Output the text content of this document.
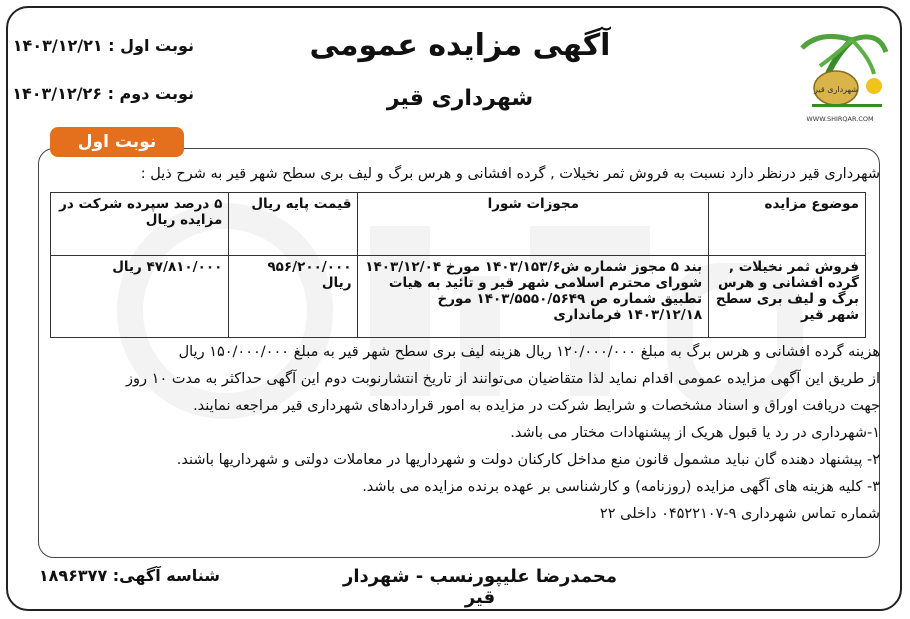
آگهی مزایده عمومی
شهرداری قیر
نوبت اول : ۱۴۰۳/۱۲/۲۱
نوبت دوم : ۱۴۰۳/۱۲/۲۶	شهرداری قیر
WWW.SHIRQAR.COM
نوبت اول
شهرداری قیر درنظر دارد نسبت به فروش ثمر نخیلات , گرده افشانی و هرس برگ و لیف بری سطح شهر قیر به شرح ذیل :
موضوع مزایده	مجوزات شورا	قیمت پایه ریال	۵ درصد سپرده شرکت در مزایده ریال
فروش ثمر نخیلات , گرده افشانی و هرس برگ و لیف بری سطح شهر قیر	بند ۵ مجوز شماره ش۱۴۰۳/۱۵۳/۶ مورخ ۱۴۰۳/۱۲/۰۴ شورای محترم اسلامی شهر قیر و تائید به هیات تطبیق شماره ص ۱۴۰۳/۵۵۵۰/۵۶۴۹ مورخ ۱۴۰۳/۱۲/۱۸ فرمانداری	۹۵۶/۲۰۰/۰۰۰ ریال	۴۷/۸۱۰/۰۰۰ ریال
هزینه گرده افشانی و هرس برگ به مبلغ ۱۲۰/۰۰۰/۰۰۰ ریال هزینه لیف بری سطح شهر قیر به مبلغ ۱۵۰/۰۰۰/۰۰۰ ریال
از طریق این آگهی مزایده عمومی اقدام نماید لذا متقاضیان می‌توانند از تاریخ انتشارنوبت دوم این آگهی حداکثر به مدت ۱۰ روز
جهت دریافت اوراق و اسناد مشخصات و شرایط شرکت در مزایده به امور قراردادهای شهرداری قیر مراجعه نمایند.
۱-شهرداری در رد یا قبول هریک از پیشنهادات مختار می باشد.
۲- پیشنهاد دهنده گان نباید مشمول قانون منع مداخل کارکنان دولت و شهرداریها در معاملات دولتی و شهرداریها باشند.
۳- کلیه هزینه های آگهی مزایده (روزنامه) و کارشناسی بر عهده برنده مزایده می باشد.
شماره تماس شهرداری ۹-۰۴۵۲۲۱۰۷ داخلی ۲۲
محمدرضا علیپورنسب - شهردار قیر
شناسه آگهی: ۱۸۹۶۳۷۷
